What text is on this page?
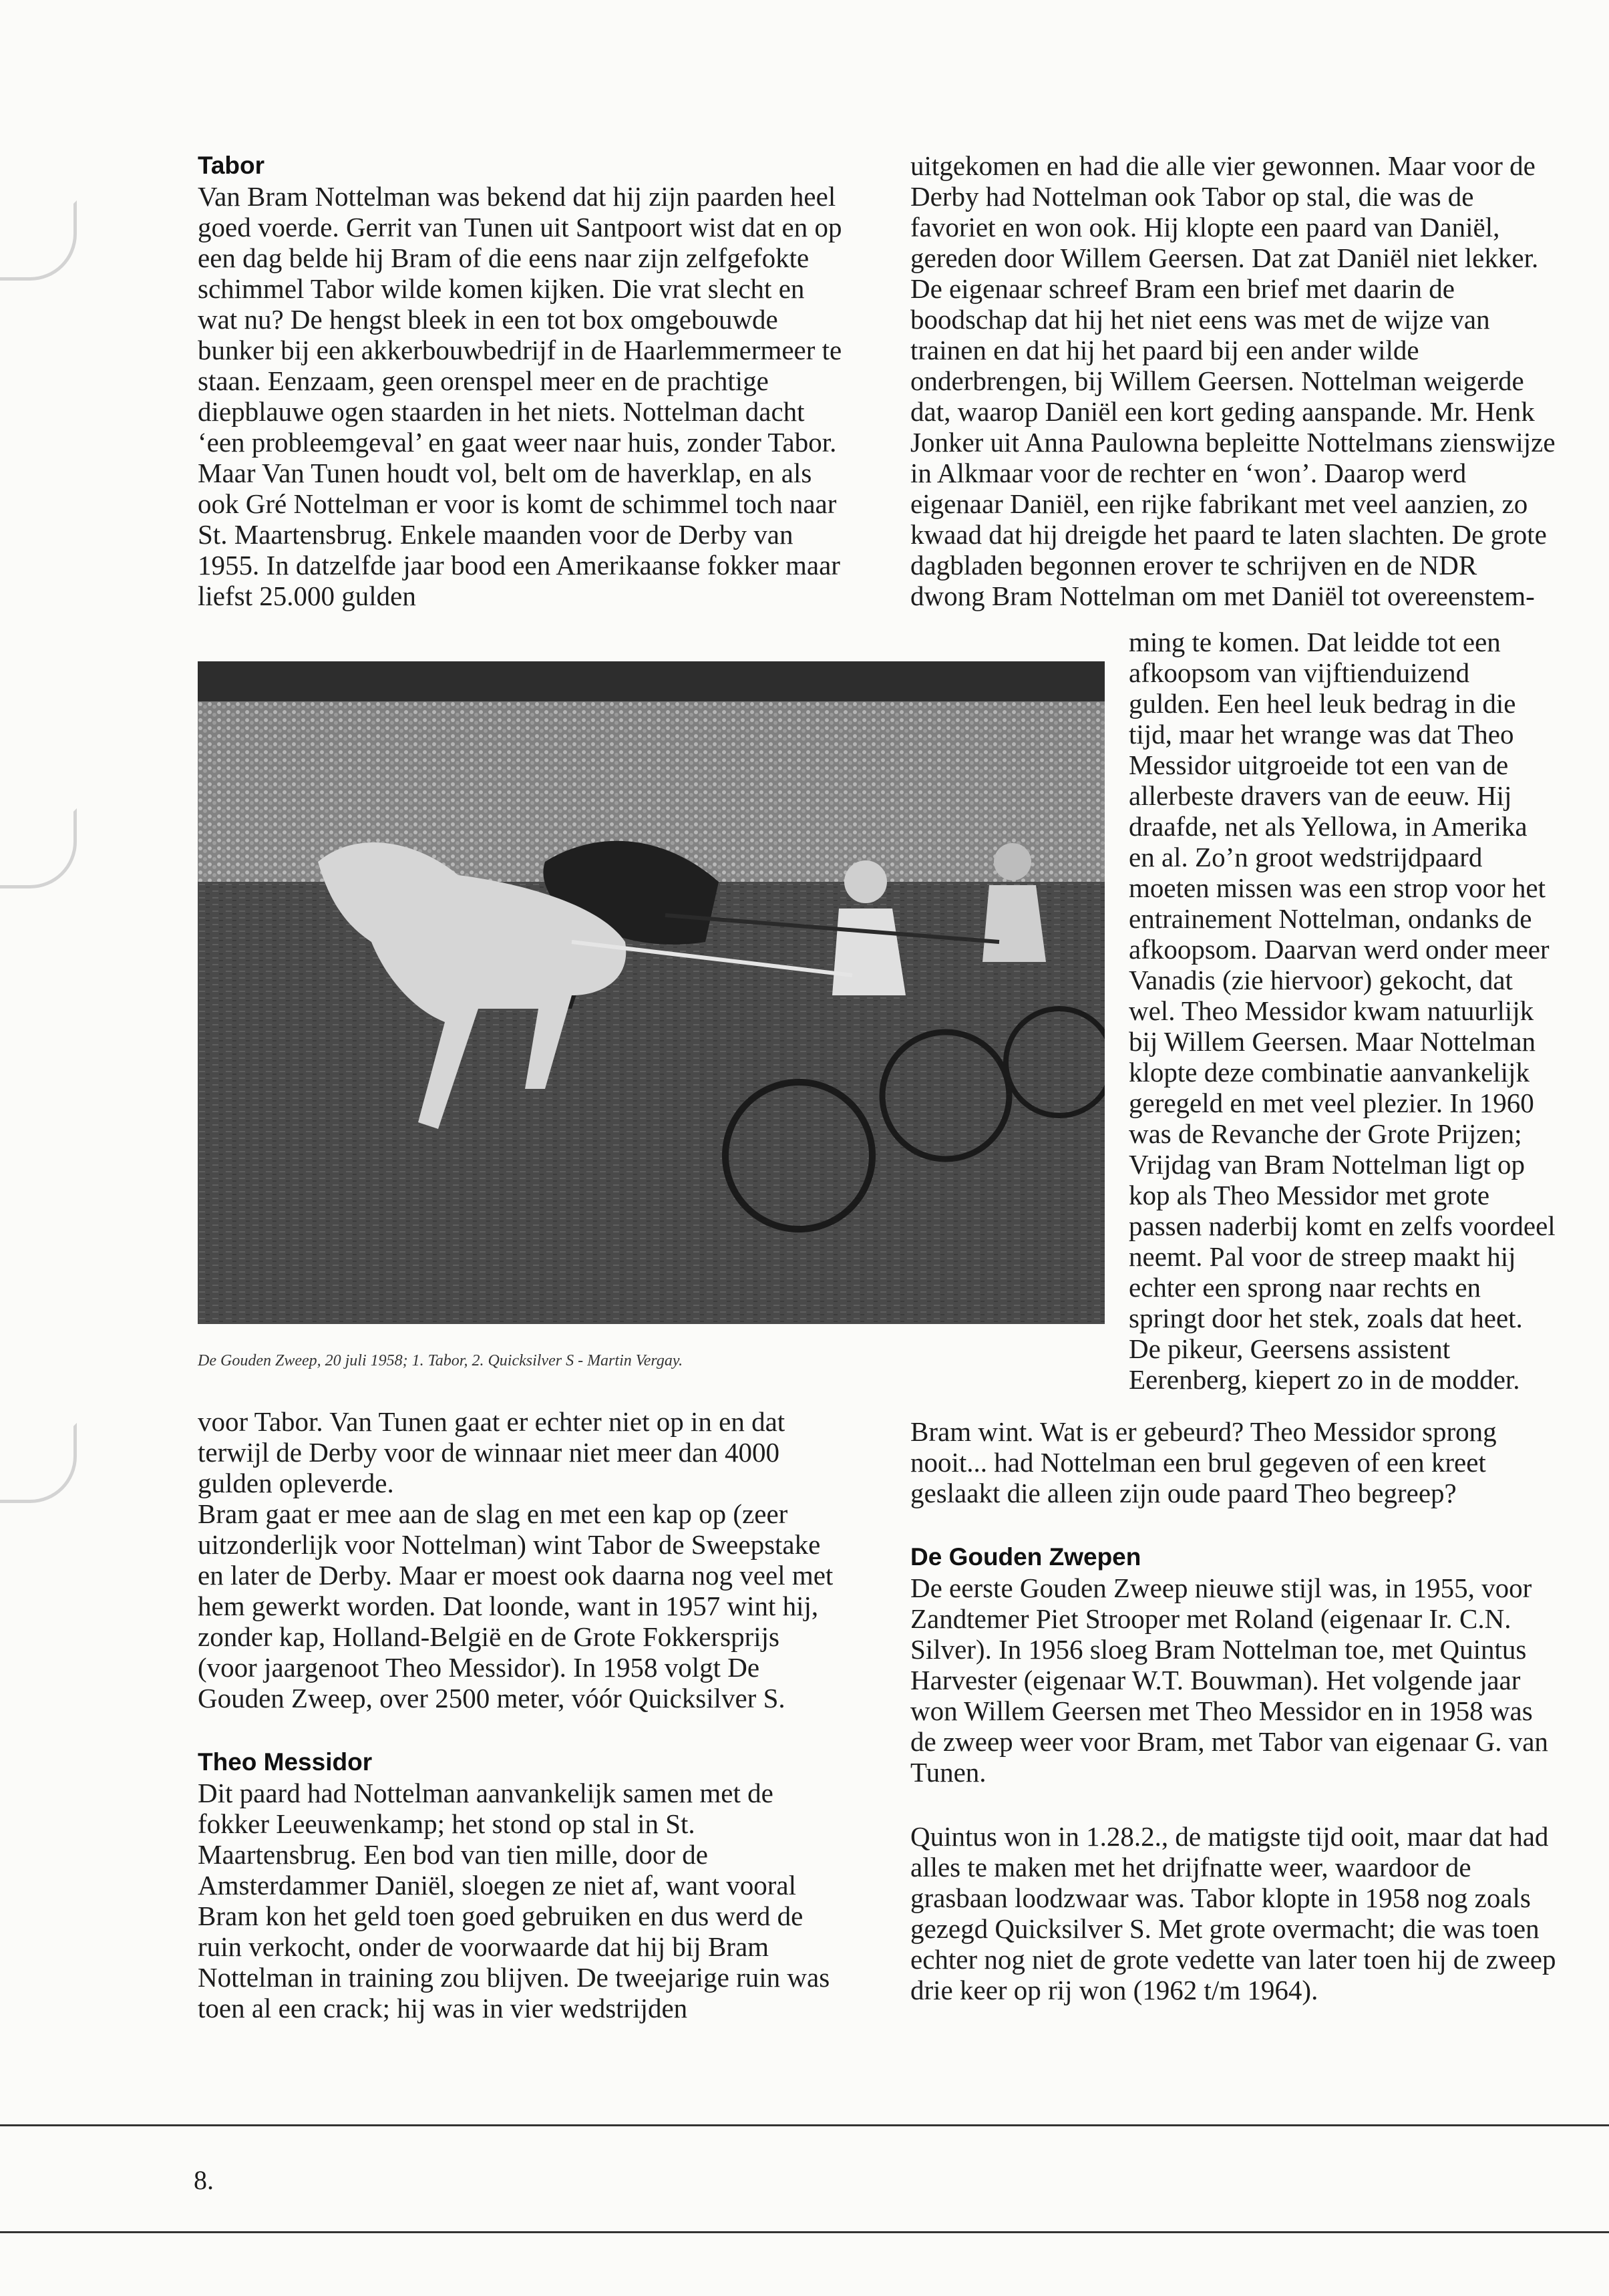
Tabor

Van Bram Nottelman was bekend dat hij zijn paarden heel goed voerde. Gerrit van Tunen uit Santpoort wist dat en op een dag belde hij Bram of die eens naar zijn zelfgefokte schimmel Tabor wilde komen kijken. Die vrat slecht en wat nu? De hengst bleek in een tot box omgebouwde bunker bij een akkerbouwbedrijf in de Haarlemmermeer te staan. Eenzaam, geen orenspel meer en de prachtige diepblauwe ogen staarden in het niets. Nottelman dacht ‘een probleemgeval’ en gaat weer naar huis, zonder Tabor. Maar Van Tunen houdt vol, belt om de haverklap, en als ook Gré Nottelman er voor is komt de schimmel toch naar St. Maartensbrug. Enkele maanden voor de Derby van 1955. In datzelfde jaar bood een Amerikaanse fokker maar liefst 25.000 gulden

De Gouden Zweep, 20 juli 1958; 1. Tabor, 2. Quicksilver S - Martin Vergay.

voor Tabor. Van Tunen gaat er echter niet op in en dat terwijl de Derby voor de winnaar niet meer dan 4000 gulden opleverde.

Bram gaat er mee aan de slag en met een kap op (zeer uitzonderlijk voor Nottelman) wint Tabor de Sweepstake en later de Derby. Maar er moest ook daarna nog veel met hem gewerkt worden. Dat loonde, want in 1957 wint hij, zonder kap, Holland-België en de Grote Fokkersprijs (voor jaargenoot Theo Messidor). In 1958 volgt De Gouden Zweep, over 2500 meter, vóór Quicksilver S.

Theo Messidor

Dit paard had Nottelman aanvankelijk samen met de fokker Leeuwenkamp; het stond op stal in St. Maartensbrug. Een bod van tien mille, door de Amsterdammer Daniël, sloegen ze niet af, want vooral Bram kon het geld toen goed gebruiken en dus werd de ruin verkocht, onder de voorwaarde dat hij bij Bram Nottelman in training zou blijven. De tweejarige ruin was toen al een crack; hij was in vier wedstrijden

uitgekomen en had die alle vier gewonnen. Maar voor de Derby had Nottelman ook Tabor op stal, die was de favoriet en won ook. Hij klopte een paard van Daniël, gereden door Willem Geersen. Dat zat Daniël niet lekker. De eigenaar schreef Bram een brief met daarin de boodschap dat hij het niet eens was met de wijze van trainen en dat hij het paard bij een ander wilde onderbrengen, bij Willem Geersen. Nottelman weigerde dat, waarop Daniël een kort geding aanspande. Mr. Henk Jonker uit Anna Paulowna bepleitte Nottelmans zienswijze in Alkmaar voor de rechter en ‘won’. Daarop werd eigenaar Daniël, een rijke fabrikant met veel aanzien, zo kwaad dat hij dreigde het paard te laten slachten. De grote dagbladen begonnen erover te schrijven en de NDR dwong Bram Nottelman om met Daniël tot overeenstem-

ming te komen. Dat leidde tot een afkoopsom van vijftienduizend gulden. Een heel leuk bedrag in die tijd, maar het wrange was dat Theo Messidor uitgroeide tot een van de allerbeste dravers van de eeuw. Hij draafde, net als Yellowa, in Amerika en al. Zo’n groot wedstrijdpaard moeten missen was een strop voor het entrainement Nottelman, ondanks de afkoopsom. Daarvan werd onder meer Vanadis (zie hiervoor) gekocht, dat wel. Theo Messidor kwam natuurlijk bij Willem Geersen. Maar Nottelman klopte deze combinatie aanvankelijk geregeld en met veel plezier. In 1960 was de Revanche der Grote Prijzen; Vrijdag van Bram Nottelman ligt op kop als Theo Messidor met grote passen naderbij komt en zelfs voordeel neemt. Pal voor de streep maakt hij echter een sprong naar rechts en springt door het stek, zoals dat heet. De pikeur, Geersens assistent Eerenberg, kiepert zo in de modder.

Bram wint. Wat is er gebeurd? Theo Messidor sprong nooit... had Nottelman een brul gegeven of een kreet geslaakt die alleen zijn oude paard Theo begreep?

De Gouden Zwepen

De eerste Gouden Zweep nieuwe stijl was, in 1955, voor Zandtemer Piet Strooper met Roland (eigenaar Ir. C.N. Silver). In 1956 sloeg Bram Nottelman toe, met Quintus Harvester (eigenaar W.T. Bouwman). Het volgende jaar won Willem Geersen met Theo Messidor en in 1958 was de zweep weer voor Bram, met Tabor van eigenaar G. van Tunen.

Quintus won in 1.28.2., de matigste tijd ooit, maar dat had alles te maken met het drijfnatte weer, waardoor de grasbaan loodzwaar was. Tabor klopte in 1958 nog zoals gezegd Quicksilver S. Met grote overmacht; die was toen echter nog niet de grote vedette van later toen hij de zweep drie keer op rij won (1962 t/m 1964).

8.
